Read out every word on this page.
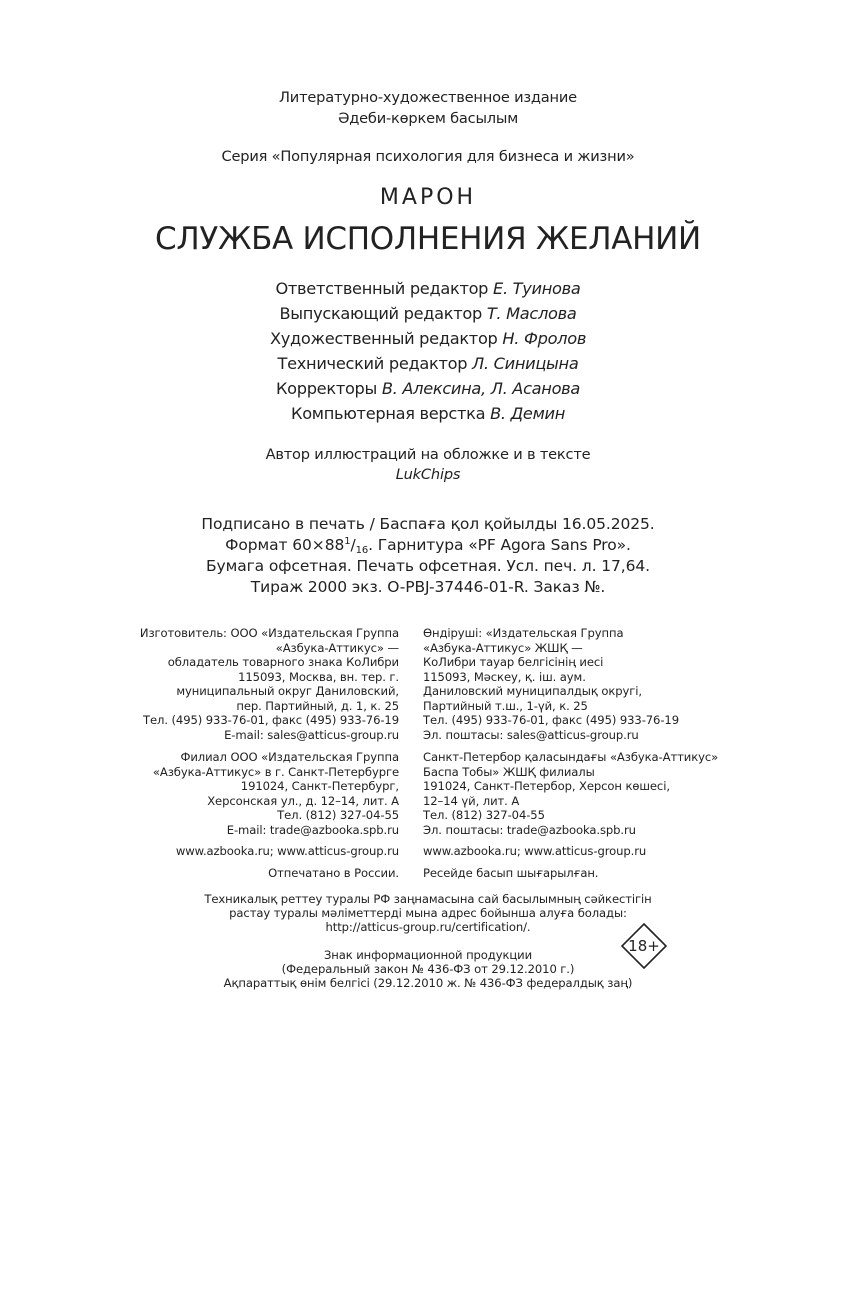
Литературно-художественное издание
Әдеби-көркем басылым
Серия «Популярная психология для бизнеса и жизни»
МАРОН
СЛУЖБА ИСПОЛНЕНИЯ ЖЕЛАНИЙ
Ответственный редактор Е. Туинова
Выпускающий редактор Т. Маслова
Художественный редактор Н. Фролов
Технический редактор Л. Синицына
Корректоры В. Алексина, Л. Асанова
Компьютерная верстка В. Демин
Автор иллюстраций на обложке и в тексте
LukChips
Подписано в печать / Баспаға қол қойылды 16.05.2025.
Формат $60\times 88^1/_{16}$. Гарнитура «PF Agora Sans Pro».
Бумага офсетная. Печать офсетная. Усл. печ. л. 17,64.
Тираж 2000 экз. O-PBJ-37446-01-R. Заказ №.
Изготовитель: ООО «Издательская Группа
«Азбука-Аттикус» —
обладатель товарного знака КоЛибри
115093, Москва, вн. тер. г.
муниципальный округ Даниловский,
пер. Партийный, д. 1, к. 25
Тел. (495) 933-76-01, факс (495) 933-76-19
E-mail: sales@atticus-group.ru
Өндіруші: «Издательская Группа
«Азбука-Аттикус» ЖШҚ —
КоЛибри тауар белгісінің иесі
115093, Мәскеу, қ. іш. аум.
Даниловский муниципалдық округі,
Партийный т.ш., 1-үй, к. 25
Тел. (495) 933-76-01, факс (495) 933-76-19
Эл. поштасы: sales@atticus-group.ru
Филиал ООО «Издательская Группа
«Азбука-Аттикус» в г. Санкт-Петербурге
191024, Санкт-Петербург,
Херсонская ул., д. 12–14, лит. А
Тел. (812) 327-04-55
E-mail: trade@azbooka.spb.ru
Санкт-Петербор қаласындағы «Азбука-Аттикус»
Баспа Тобы» ЖШҚ филиалы
191024, Санкт-Петербор, Херсон көшесі,
12–14 үй, лит. А
Тел. (812) 327-04-55
Эл. поштасы: trade@azbooka.spb.ru
www.azbooka.ru; www.atticus-group.ru www.azbooka.ru; www.atticus-group.ru
Отпечатано в России. Ресейде басып шығарылған.
Техникалық реттеу туралы РФ заңнамасына сай басылымның сәйкестігін
растау туралы мәліметтерді мына адрес бойынша алуға болады:
http://atticus-group.ru/certification/.
Знак информационной продукции
(Федеральный закон № 436-ФЗ от 29.12.2010 г.)
Ақпараттық өнім белгісі (29.12.2010 ж. № 436-ФЗ федералдық заң)
18+
